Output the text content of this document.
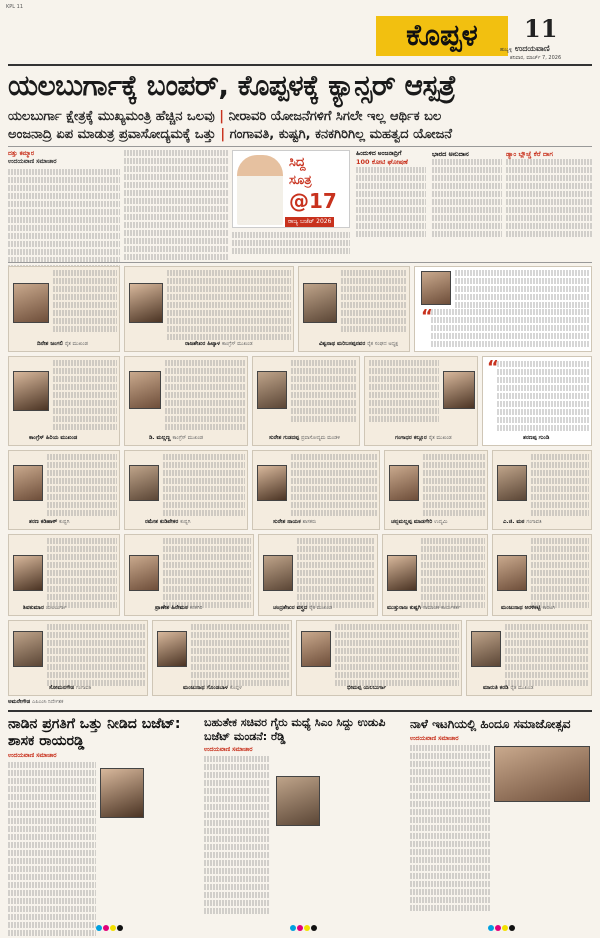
KPL 11
ಕೊಪ್ಪಳ	11
ಹುಬ್ಬಳ್ಳಿ ಉದಯವಾಣಿ
ಶನಿವಾರ, ಮಾರ್ಚ್ 7, 2026
ಯಲಬುರ್ಗಾಕ್ಕೆ ಬಂಪರ್, ಕೊಪ್ಪಳಕ್ಕೆ ಕ್ಯಾನ್ಸರ್ ಆಸ್ಪತ್ರೆ
ಯಲಬುರ್ಗಾ ಕ್ಷೇತ್ರಕ್ಕೆ ಮುಖ್ಯಮಂತ್ರಿ ಹೆಚ್ಚಿನ ಒಲವು | ನೀರಾವರಿ ಯೋಜನೆಗಳಿಗೆ ಸಿಗಲೇ ಇಲ್ಲ ಆರ್ಥಿಕ ಬಲ
ಅಂಜನಾದ್ರಿ ಏಪ ಮಾಡುತ್ರ ಪ್ರವಾಸೋದ್ಯಮಕ್ಕೆ ಒತ್ತು | ಗಂಗಾವತಿ, ಕುಷ್ಟಗಿ, ಕನಕಗಿರಿಗಿಲ್ಲ ಮಹತ್ವದ ಯೋಜನೆ
ದತ್ತು ಕಮ್ಮಾರ
ಉದಯವಾಣಿ ಸಮಾಚಾರ	ಸಿದ್ದ
ಸೂತ್ರ
@17
ರಾಜ್ಯ ಬಜೆಟ್ 2026
ಹಿಂದುಳಿದ ಅಂಜನಾದ್ರಿಗೆ
100 ಕೋಟಿ ಘೋಷಣೆ
ಭಾರದ ಅನುದಾನ	ಡ್ಯಾಂ ಬ್ಲೌಚ್ಚೆ ಕೆರೆ ದಾಗ
ದಿನೇಶ ಜಂಗಲಿ ರೈತ ಮುಖಂಡ	ರಾಜಶೇಖರ ಹಿಟ್ಕಾಳ ಕಾಂಗ್ರೆಸ್ ಮುಖಂಡ	ವಿಶ್ವನಾಥ ಮರಿಬಸಪ್ಪನವರ ರೈತ ಸಂಘದ ಅಧ್ಯಕ್ಷ
“
ಕಾಂಗ್ರೆಸ್ ಹಿರಿಯ ಮುಖಂಡ	ಡಿ. ಮಲ್ಲಣ್ಣ ಕಾಂಗ್ರೆಸ್ ಮುಖಂಡ	ಸುರೇಶ ಗುಡದಪ್ಪ ಪ್ರವಾಸೋದ್ಯಮ ಮಂಡಳಿ	ಗಂಗಾಧರ ಕಲ್ಲೂರ ರೈತ ಮುಖಂಡ
“
ಶರಣಪ್ಪ ಗುಂಡಿ
ಶರಣ ಕಡಿಹಾಳ್ ಕುಷ್ಟಗಿ	ರಮೇಶ ಕುಡಿಪೇಕರ ಕುಷ್ಟಗಿ	ಸುರೇಶ ನಾಯಕ ಶಾಸಕರು	ಚನ್ನಮಲ್ಲಪ್ಪ ಮಾಡಗೇರಿ ಉದ್ಯಮಿ	ಎ.ಜಿ. ಮಠ ಗಂಗಾವತಿ
ಶಿವಕುಮಾರ ಯಲಬುರ್ಗಾ	ಪ್ರಾಣೇಶ ಹಿರೇಮಠ ಕನಕಗಿರಿ	ಚಂದ್ರಶೇಖರ ವಸ್ತ್ರದ ರೈತ ಮುಖಂಡ	ಮುತ್ತುರಾಜ ಕುಷ್ಟಗಿ ಸಾಮಾಜಿಕ ಕಾರ್ಯಕರ್ತ	ಮಂಜುನಾಥ ಅರಳಿಕಟ್ಟಿ ಕಾರಟಗಿ
ಸೋಮನಗೌಡ ಗಂಗಾವತಿ	ಮಂಜುನಾಥ ಗೊಂಡಬಾಳ ಕೊಪ್ಪಳ	ಭೀಮಪ್ಪ ಯಲಬುರ್ಗಾ	ಮಾರುತಿ ಕರಡಿ ರೈತ ಮುಖಂಡ
ಅಮರೇಗೌಡ ಎಪಿಎಂಸಿ ನಿರ್ದೇಶಕ
ನಾಡಿನ ಪ್ರಗತಿಗೆ ಒತ್ತು ನೀಡಿದ ಬಜೆಟ್: ಶಾಸಕ ರಾಯರಡ್ಡಿ
ಉದಯವಾಣಿ ಸಮಾಚಾರ
ಬಹುತೇಕ ಸಚಿವರ ಗೈರು ಮಧ್ಯೆ ಸಿಎಂ ಸಿದ್ದು ಉಡುಪಿ ಬಜೆಟ್ ಮಂಡನೆ: ರೆಡ್ಡಿ
ಉದಯವಾಣಿ ಸಮಾಚಾರ
ನಾಳೆ ಇಟಗಿಯಲ್ಲಿ ಹಿಂದೂ ಸಮಾಜೋತ್ಸವ
ಉದಯವಾಣಿ ಸಮಾಚಾರ
